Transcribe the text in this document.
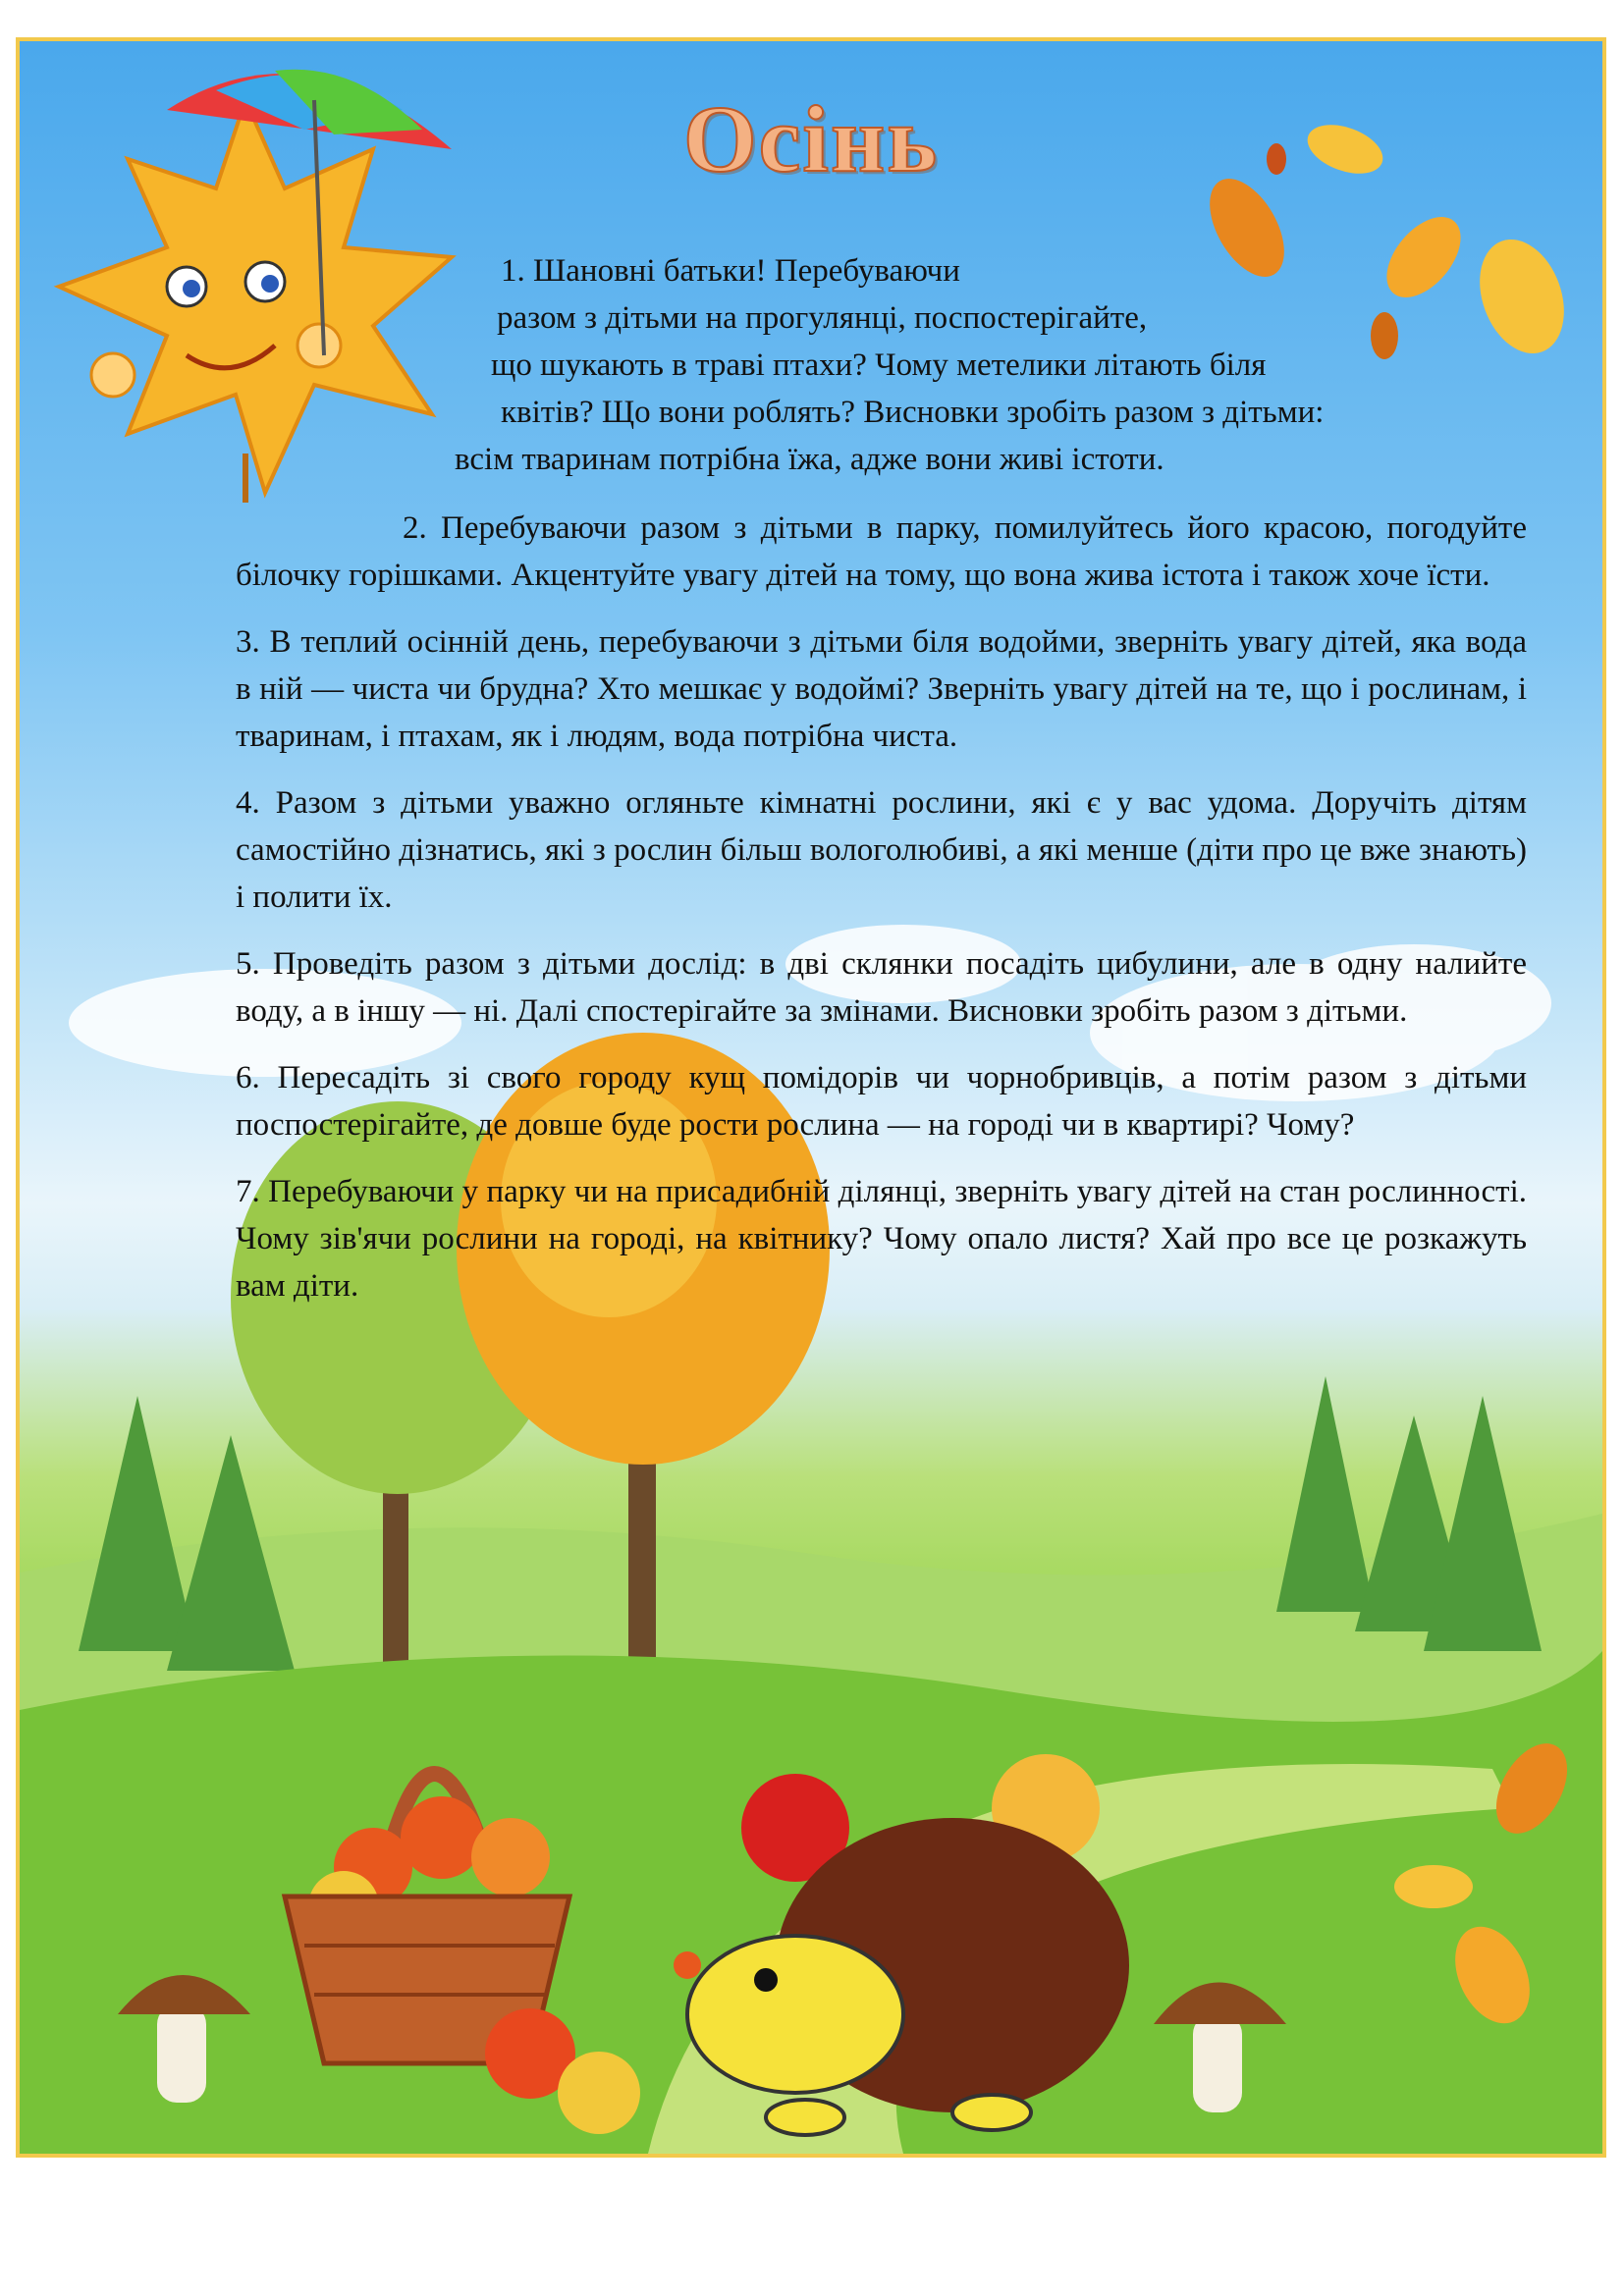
Осінь
1. Шановні батьки! Перебуваючи
разом з дітьми на прогулянці, поспостерігайте,
що шукають в траві птахи? Чому метелики літають біля
квітів? Що вони роблять? Висновки зробіть разом з дітьми:
всім тваринам потрібна їжа, адже вони живі істоти.

2. Перебуваючи разом з дітьми в парку, помилуйтесь його красою, погодуйте білочку горішками. Акцентуйте увагу дітей на тому, що вона жива істота і також хоче їсти.

3. В теплий осінній день, перебуваючи з дітьми біля водойми, зверніть увагу дітей, яка вода в ній — чиста чи брудна? Хто мешкає у водоймі? Зверніть увагу дітей на те, що і рослинам, і тваринам, і птахам, як і людям, вода потрібна чиста.

4. Разом з дітьми уважно огляньте кімнатні рослини, які є у вас удома. Доручіть дітям самостійно дізнатись, які з рослин більш вологолюбиві, а які менше (діти про це вже знають) і полити їх.

5. Проведіть разом з дітьми дослід: в дві склянки посадіть цибулини, але в одну налийте воду, а в іншу — ні. Далі спостерігайте за змінами. Висновки зробіть разом з дітьми.

6. Пересадіть зі свого городу кущ помідорів чи чорнобривців, а потім разом з дітьми поспостерігайте, де довше буде рости рослина — на городі чи в квартирі? Чому?

7. Перебуваючи у парку чи на присадибній ділянці, зверніть увагу дітей на стан рослинності. Чому зів'ячи рослини на городі, на квітнику? Чому опало листя? Хай про все це розкажуть вам діти.
